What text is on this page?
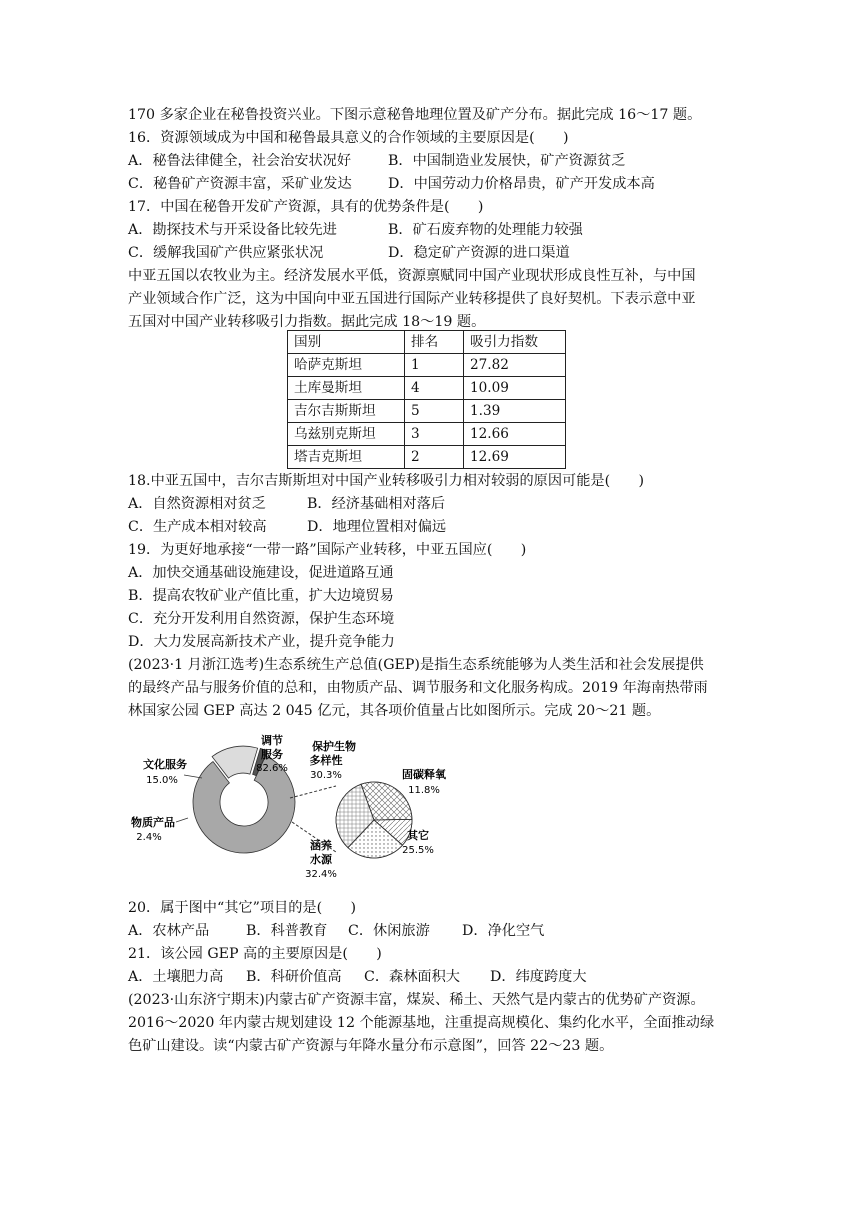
170 多家企业在秘鲁投资兴业。下图示意秘鲁地理位置及矿产分布。据此完成 16～17 题。
16．资源领域成为中国和秘鲁最具意义的合作领域的主要原因是(　　)
A．秘鲁法律健全，社会治安状况好	B．中国制造业发展快，矿产资源贫乏
C．秘鲁矿产资源丰富，采矿业发达	D．中国劳动力价格昂贵，矿产开发成本高
17．中国在秘鲁开发矿产资源，具有的优势条件是(　　)
A．勘探技术与开采设备比较先进	B．矿石废弃物的处理能力较强
C．缓解我国矿产供应紧张状况	D．稳定矿产资源的进口渠道
中亚五国以农牧业为主。经济发展水平低，资源禀赋同中国产业现状形成良性互补，与中国
产业领域合作广泛，这为中国向中亚五国进行国际产业转移提供了良好契机。下表示意中亚
五国对中国产业转移吸引力指数。据此完成 18～19 题。
国别	排名	吸引力指数
哈萨克斯坦	1	27.82
土库曼斯坦	4	10.09
吉尔吉斯斯坦	5	1.39
乌兹别克斯坦	3	12.66
塔吉克斯坦	2	12.69
18.中亚五国中，吉尔吉斯斯坦对中国产业转移吸引力相对较弱的原因可能是(　　)
A．自然资源相对贫乏	B．经济基础相对落后
C．生产成本相对较高	D．地理位置相对偏远
19．为更好地承接“一带一路”国际产业转移，中亚五国应(　　)
A．加快交通基础设施建设，促进道路互通
B．提高农牧矿业产值比重，扩大边境贸易
C．充分开发利用自然资源，保护生态环境
D．大力发展高新技术产业，提升竞争能力
(2023·1 月浙江选考)生态系统生产总值(GEP)是指生态系统能够为人类生活和社会发展提供
的最终产品与服务价值的总和，由物质产品、调节服务和文化服务构成。2019 年海南热带雨
林国家公园 GEP 高达 2 045 亿元，其各项价值量占比如图所示。完成 20～21 题。
调节
服务
82.6%
文化服务
15.0%
物质产品
2.4%
保护生物
多样性
30.3%	固碳释氧
11.8%
其它
25.5%
涵养
水源
32.4%
20．属于图中“其它”项目的是(　　)
A．农林产品	B．科普教育 C．休闲旅游 D．净化空气
21．该公园 GEP 高的主要原因是(　　)
A．土壤肥力高 B．科研价值高 C．森林面积大 D．纬度跨度大
(2023·山东济宁期末)内蒙古矿产资源丰富，煤炭、稀土、天然气是内蒙古的优势矿产资源。
2016～2020 年内蒙古规划建设 12 个能源基地，注重提高规模化、集约化水平，全面推动绿
色矿山建设。读“内蒙古矿产资源与年降水量分布示意图”，回答 22～23 题。
